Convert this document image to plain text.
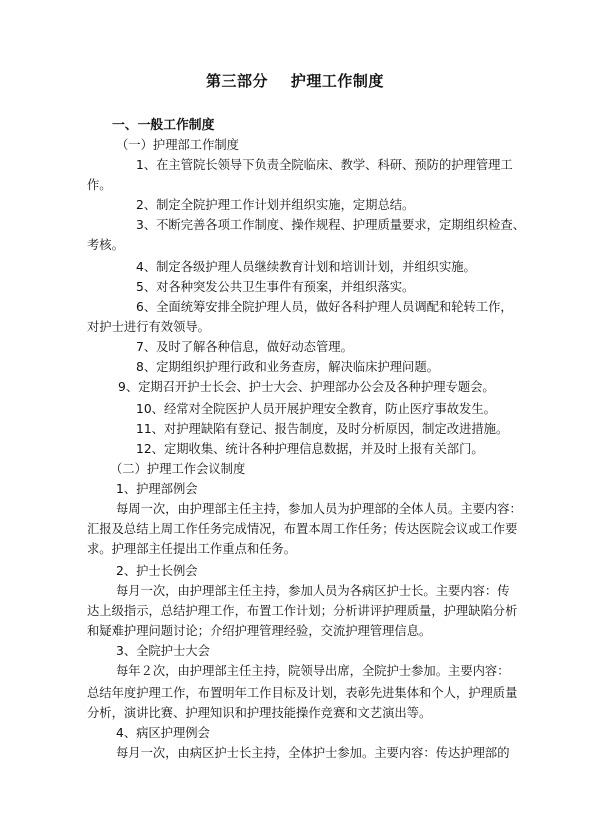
第三部分    护理工作制度
一、一般工作制度
（一）护理部工作制度
1、在主管院长领导下负责全院临床、教学、科研、预防的护理管理工
作。
2、制定全院护理工作计划并组织实施，定期总结。
3、不断完善各项工作制度、操作规程、护理质量要求，定期组织检查、
考核。
4、制定各级护理人员继续教育计划和培训计划，并组织实施。
5、对各种突发公共卫生事件有预案，并组织落实。
6、全面统筹安排全院护理人员，做好各科护理人员调配和轮转工作，
对护士进行有效领导。
7、及时了解各种信息，做好动态管理。
8、定期组织护理行政和业务查房，解决临床护理问题。
9、定期召开护士长会、护士大会、护理部办公会及各种护理专题会。
10、经常对全院医护人员开展护理安全教育，防止医疗事故发生。
11、对护理缺陷有登记、报告制度，及时分析原因，制定改进措施。
12、定期收集、统计各种护理信息数据，并及时上报有关部门。
（二）护理工作会议制度
1、护理部例会
每周一次，由护理部主任主持，参加人员为护理部的全体人员。主要内容：
汇报及总结上周工作任务完成情况，布置本周工作任务；传达医院会议或工作要
求。护理部主任提出工作重点和任务。
2、护士长例会
每月一次，由护理部主任主持，参加人员为各病区护士长。主要内容：传
达上级指示，总结护理工作，布置工作计划；分析讲评护理质量，护理缺陷分析
和疑难护理问题讨论；介绍护理管理经验，交流护理管理信息。
3、全院护士大会
每年２次，由护理部主任主持，院领导出席，全院护士参加。主要内容：
总结年度护理工作，布置明年工作目标及计划，表彰先进集体和个人，护理质量
分析，演讲比赛、护理知识和护理技能操作竞赛和文艺演出等。
4、病区护理例会
每月一次，由病区护士长主持，全体护士参加。主要内容：传达护理部的
